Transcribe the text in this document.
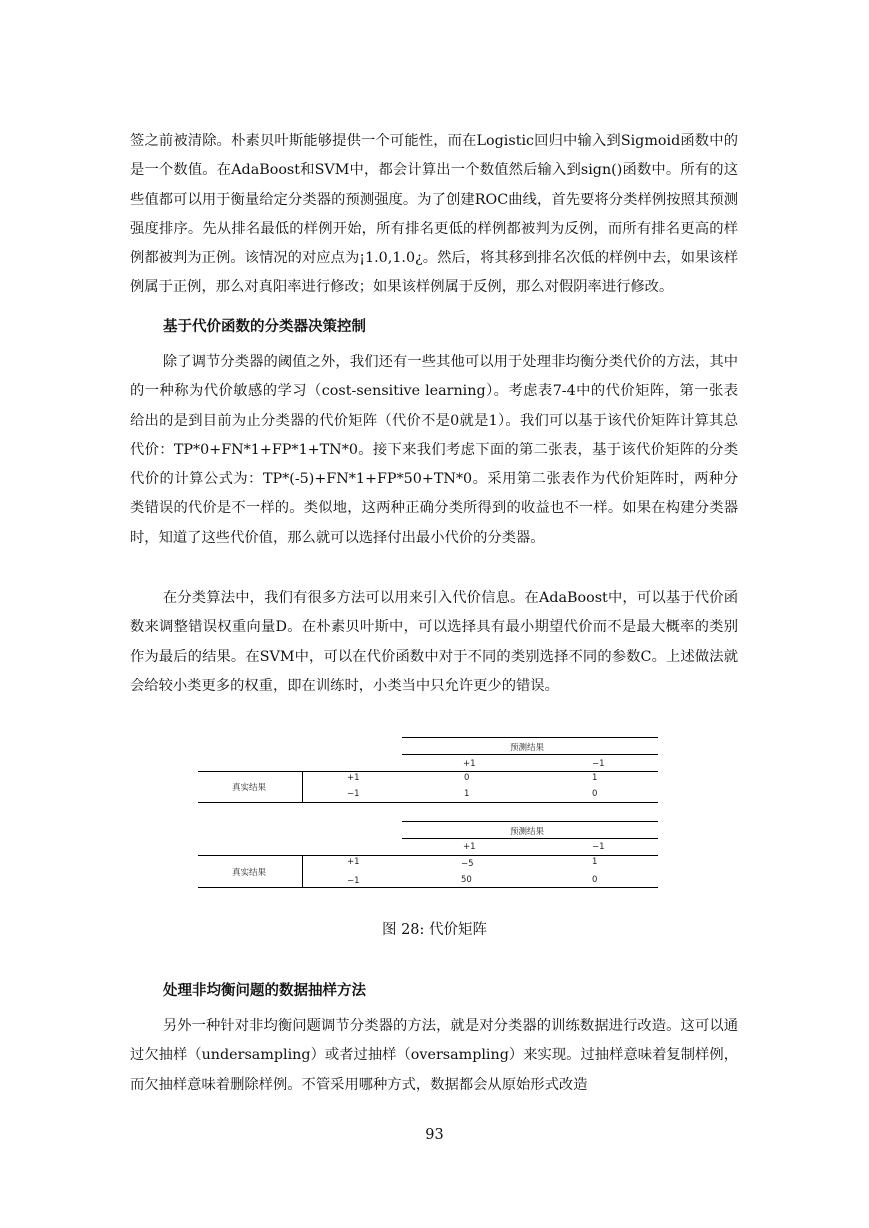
签之前被清除。朴素贝叶斯能够提供一个可能性，而在Logistic回归中输入到Sigmoid函数中的是一个数值。在AdaBoost和SVM中，都会计算出一个数值然后输入到sign()函数中。所有的这些值都可以用于衡量给定分类器的预测强度。为了创建ROC曲线，首先要将分类样例按照其预测强度排序。先从排名最低的样例开始，所有排名更低的样例都被判为反例，而所有排名更高的样例都被判为正例。该情况的对应点为¡1.0,1.0¿。然后，将其移到排名次低的样例中去，如果该样例属于正例，那么对真阳率进行修改；如果该样例属于反例，那么对假阴率进行修改。
基于代价函数的分类器决策控制
除了调节分类器的阈值之外，我们还有一些其他可以用于处理非均衡分类代价的方法，其中的一种称为代价敏感的学习（cost-sensitive learning）。考虑表7-4中的代价矩阵，第一张表给出的是到目前为止分类器的代价矩阵（代价不是0就是1）。我们可以基于该代价矩阵计算其总代价：TP*0+FN*1+FP*1+TN*0。接下来我们考虑下面的第二张表，基于该代价矩阵的分类代价的计算公式为：TP*(-5)+FN*1+FP*50+TN*0。采用第二张表作为代价矩阵时，两种分类错误的代价是不一样的。类似地，这两种正确分类所得到的收益也不一样。如果在构建分类器时，知道了这些代价值，那么就可以选择付出最小代价的分类器。
在分类算法中，我们有很多方法可以用来引入代价信息。在AdaBoost中，可以基于代价函数来调整错误权重向量D。在朴素贝叶斯中，可以选择具有最小期望代价而不是最大概率的类别作为最后的结果。在SVM中，可以在代价函数中对于不同的类别选择不同的参数C。上述做法就会给较小类更多的权重，即在训练时，小类当中只允许更少的错误。
预测结果
+1	−1
真实结果
+1	0	1
−1	1	0
预测结果
+1	−1
真实结果
+1	−5	1
−1	50	0
图 28: 代价矩阵
处理非均衡问题的数据抽样方法
另外一种针对非均衡问题调节分类器的方法，就是对分类器的训练数据进行改造。这可以通过欠抽样（undersampling）或者过抽样（oversampling）来实现。过抽样意味着复制样例，而欠抽样意味着删除样例。不管采用哪种方式，数据都会从原始形式改造
93
